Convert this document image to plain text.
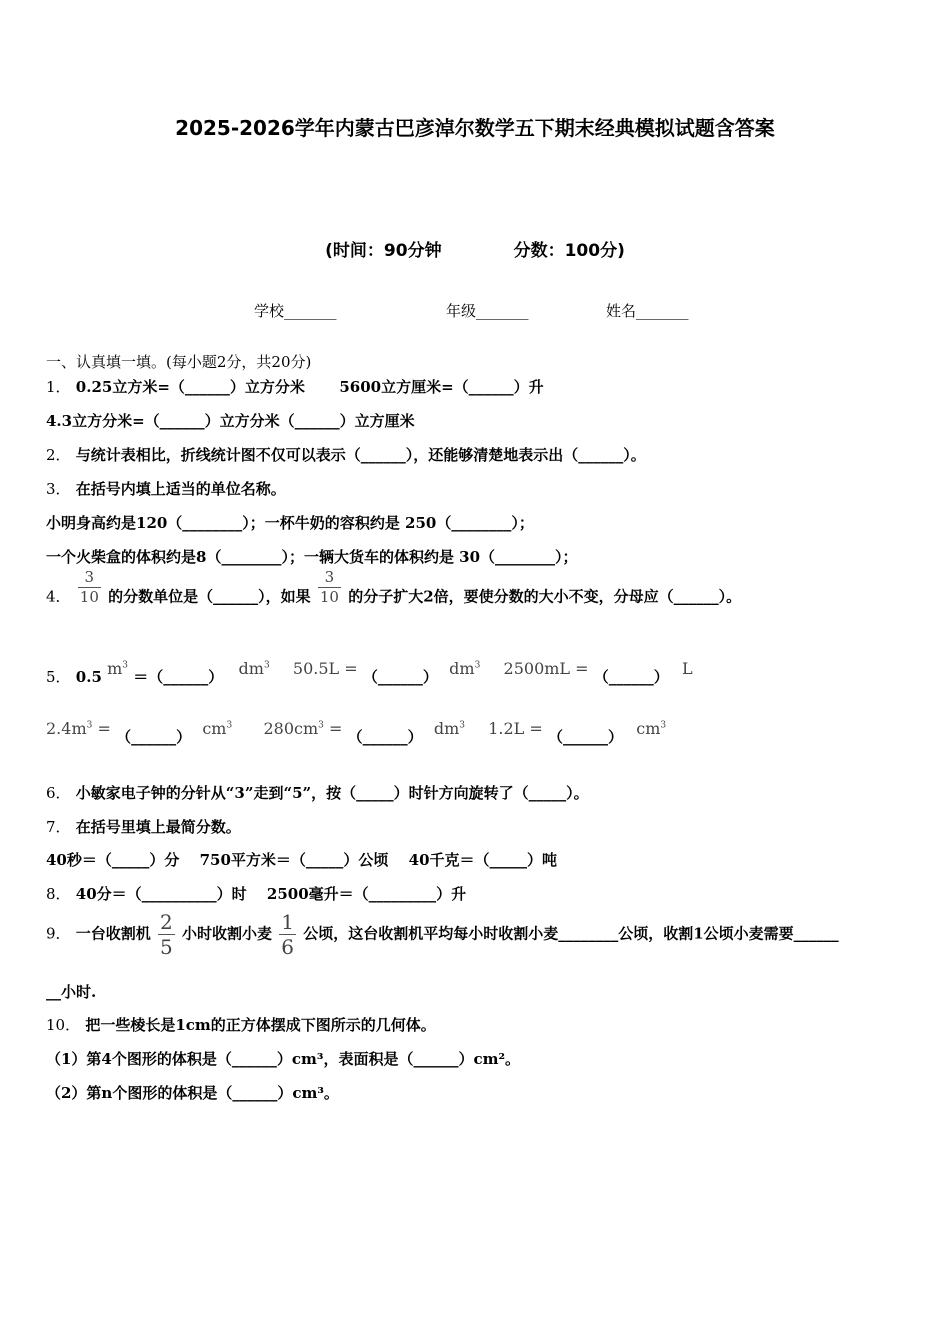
2025-2026学年内蒙古巴彦淖尔数学五下期末经典模拟试题含答案
(时间：90分钟	分数：100分)
学校_______	年级_______	姓名_______
一、认真填一填。(每小题2分，共20分)
1． 0.25立方米=（______）立方分米 5600立方厘米=（______）升
4.3立方分米=（______）立方分米（______）立方厘米
2． 与统计表相比，折线统计图不仅可以表示（______），还能够清楚地表示出（______）。
3． 在括号内填上适当的单位名称。
小明身高约是120（________）；一杯牛奶的容积约是 250（________）；
一个火柴盒的体积约是8（________）；一辆大货车的体积约是 30（________）；
4． $\frac{3}{10}$ 的分数单位是（______），如果 $\frac{3}{10}$ 的分子扩大2倍，要使分数的大小不变，分母应（______）。
5． 0.5 $m^3$ ＝（______） $dm^3$ 50.5L = （______） $dm^3$ 2500mL = （______） L
$2.4m^3$ = （______） $cm^3$ $280cm^3$ = （______） $dm^3$ 1.2L = （______） $cm^3$
6． 小敏家电子钟的分针从“3”走到“5”，按（_____）时针方向旋转了（_____）。
7． 在括号里填上最简分数。
40秒＝（_____）分　 750平方米＝（_____）公顷　 40千克＝（_____）吨
8． 40分＝（__________）时　 2500毫升＝（_________）升
9． 一台收割机 $\frac{2}{5}$ 小时收割小麦 $\frac{1}{6}$ 公顷，这台收割机平均每小时收割小麦________公顷，收割1公顷小麦需要______
__小时.
10． 把一些棱长是1cm的正方体摆成下图所示的几何体。
（1）第4个图形的体积是（______）cm³，表面积是（______）cm²。
（2）第n个图形的体积是（______）cm³。
